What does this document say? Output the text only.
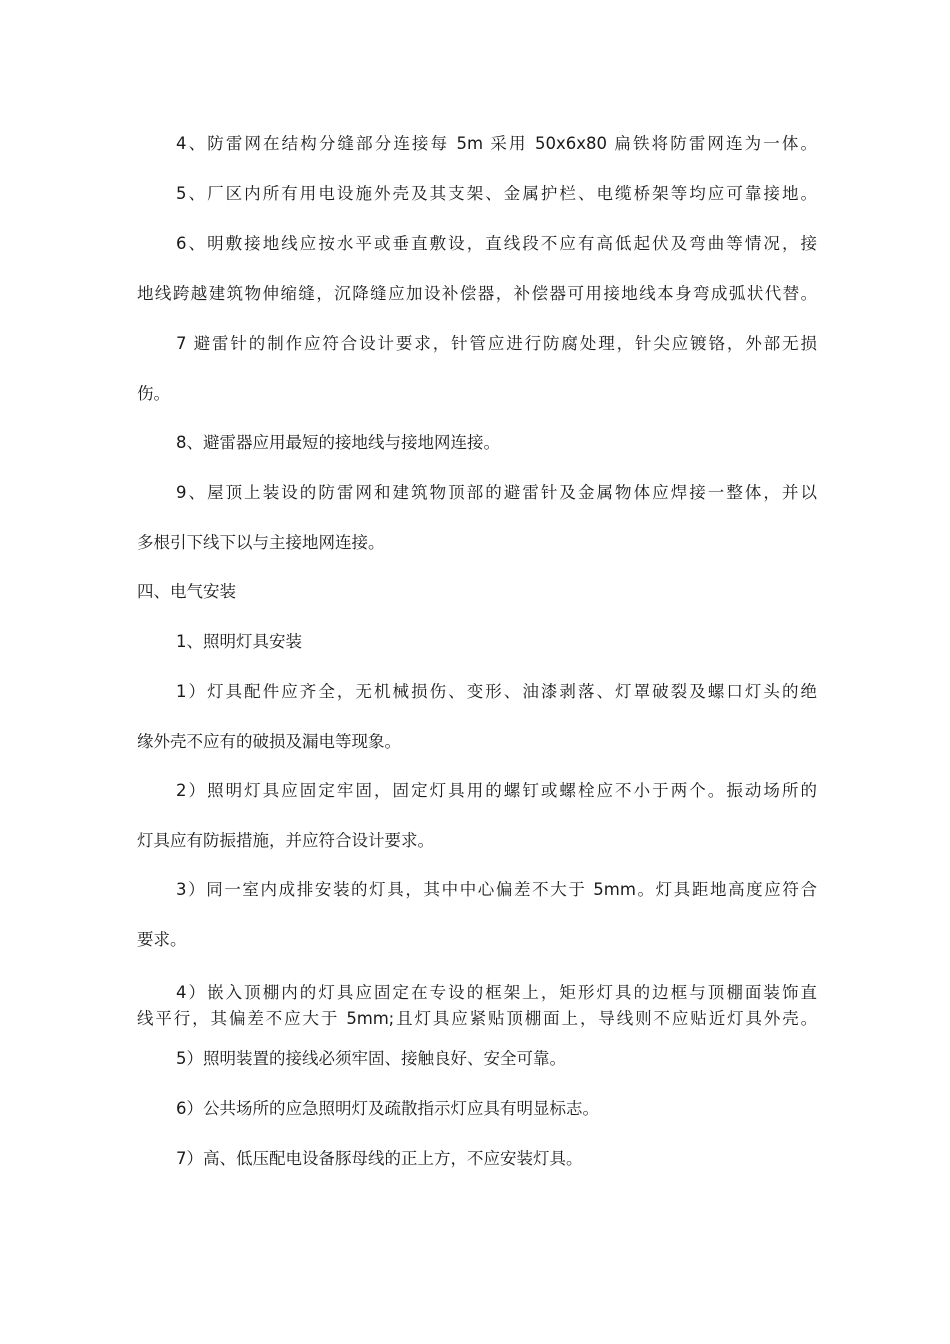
4、防雷网在结构分缝部分连接每 5m 采用 50x6x80 扁铁将防雷网连为一体。
5、厂区内所有用电设施外壳及其支架、金属护栏、电缆桥架等均应可靠接地。
6、明敷接地线应按水平或垂直敷设，直线段不应有高低起伏及弯曲等情况，接
地线跨越建筑物伸缩缝，沉降缝应加设补偿器，补偿器可用接地线本身弯成弧状代替。
7 避雷针的制作应符合设计要求，针管应进行防腐处理，针尖应镀铬，外部无损
伤。
8、避雷器应用最短的接地线与接地网连接。
9、屋顶上装设的防雷网和建筑物顶部的避雷针及金属物体应焊接一整体，并以
多根引下线下以与主接地网连接。
四、电气安装
1、照明灯具安装
1）灯具配件应齐全，无机械损伤、变形、油漆剥落、灯罩破裂及螺口灯头的绝
缘外壳不应有的破损及漏电等现象。
2）照明灯具应固定牢固，固定灯具用的螺钉或螺栓应不小于两个。振动场所的
灯具应有防振措施，并应符合设计要求。
3）同一室内成排安装的灯具，其中中心偏差不大于 5mm。灯具距地高度应符合
要求。
4）嵌入顶棚内的灯具应固定在专设的框架上，矩形灯具的边框与顶棚面装饰直
线平行，其偏差不应大于 5mm;且灯具应紧贴顶棚面上，导线则不应贴近灯具外壳。
5）照明装置的接线必须牢固、接触良好、安全可靠。
6）公共场所的应急照明灯及疏散指示灯应具有明显标志。
7）高、低压配电设备豚母线的正上方，不应安装灯具。
